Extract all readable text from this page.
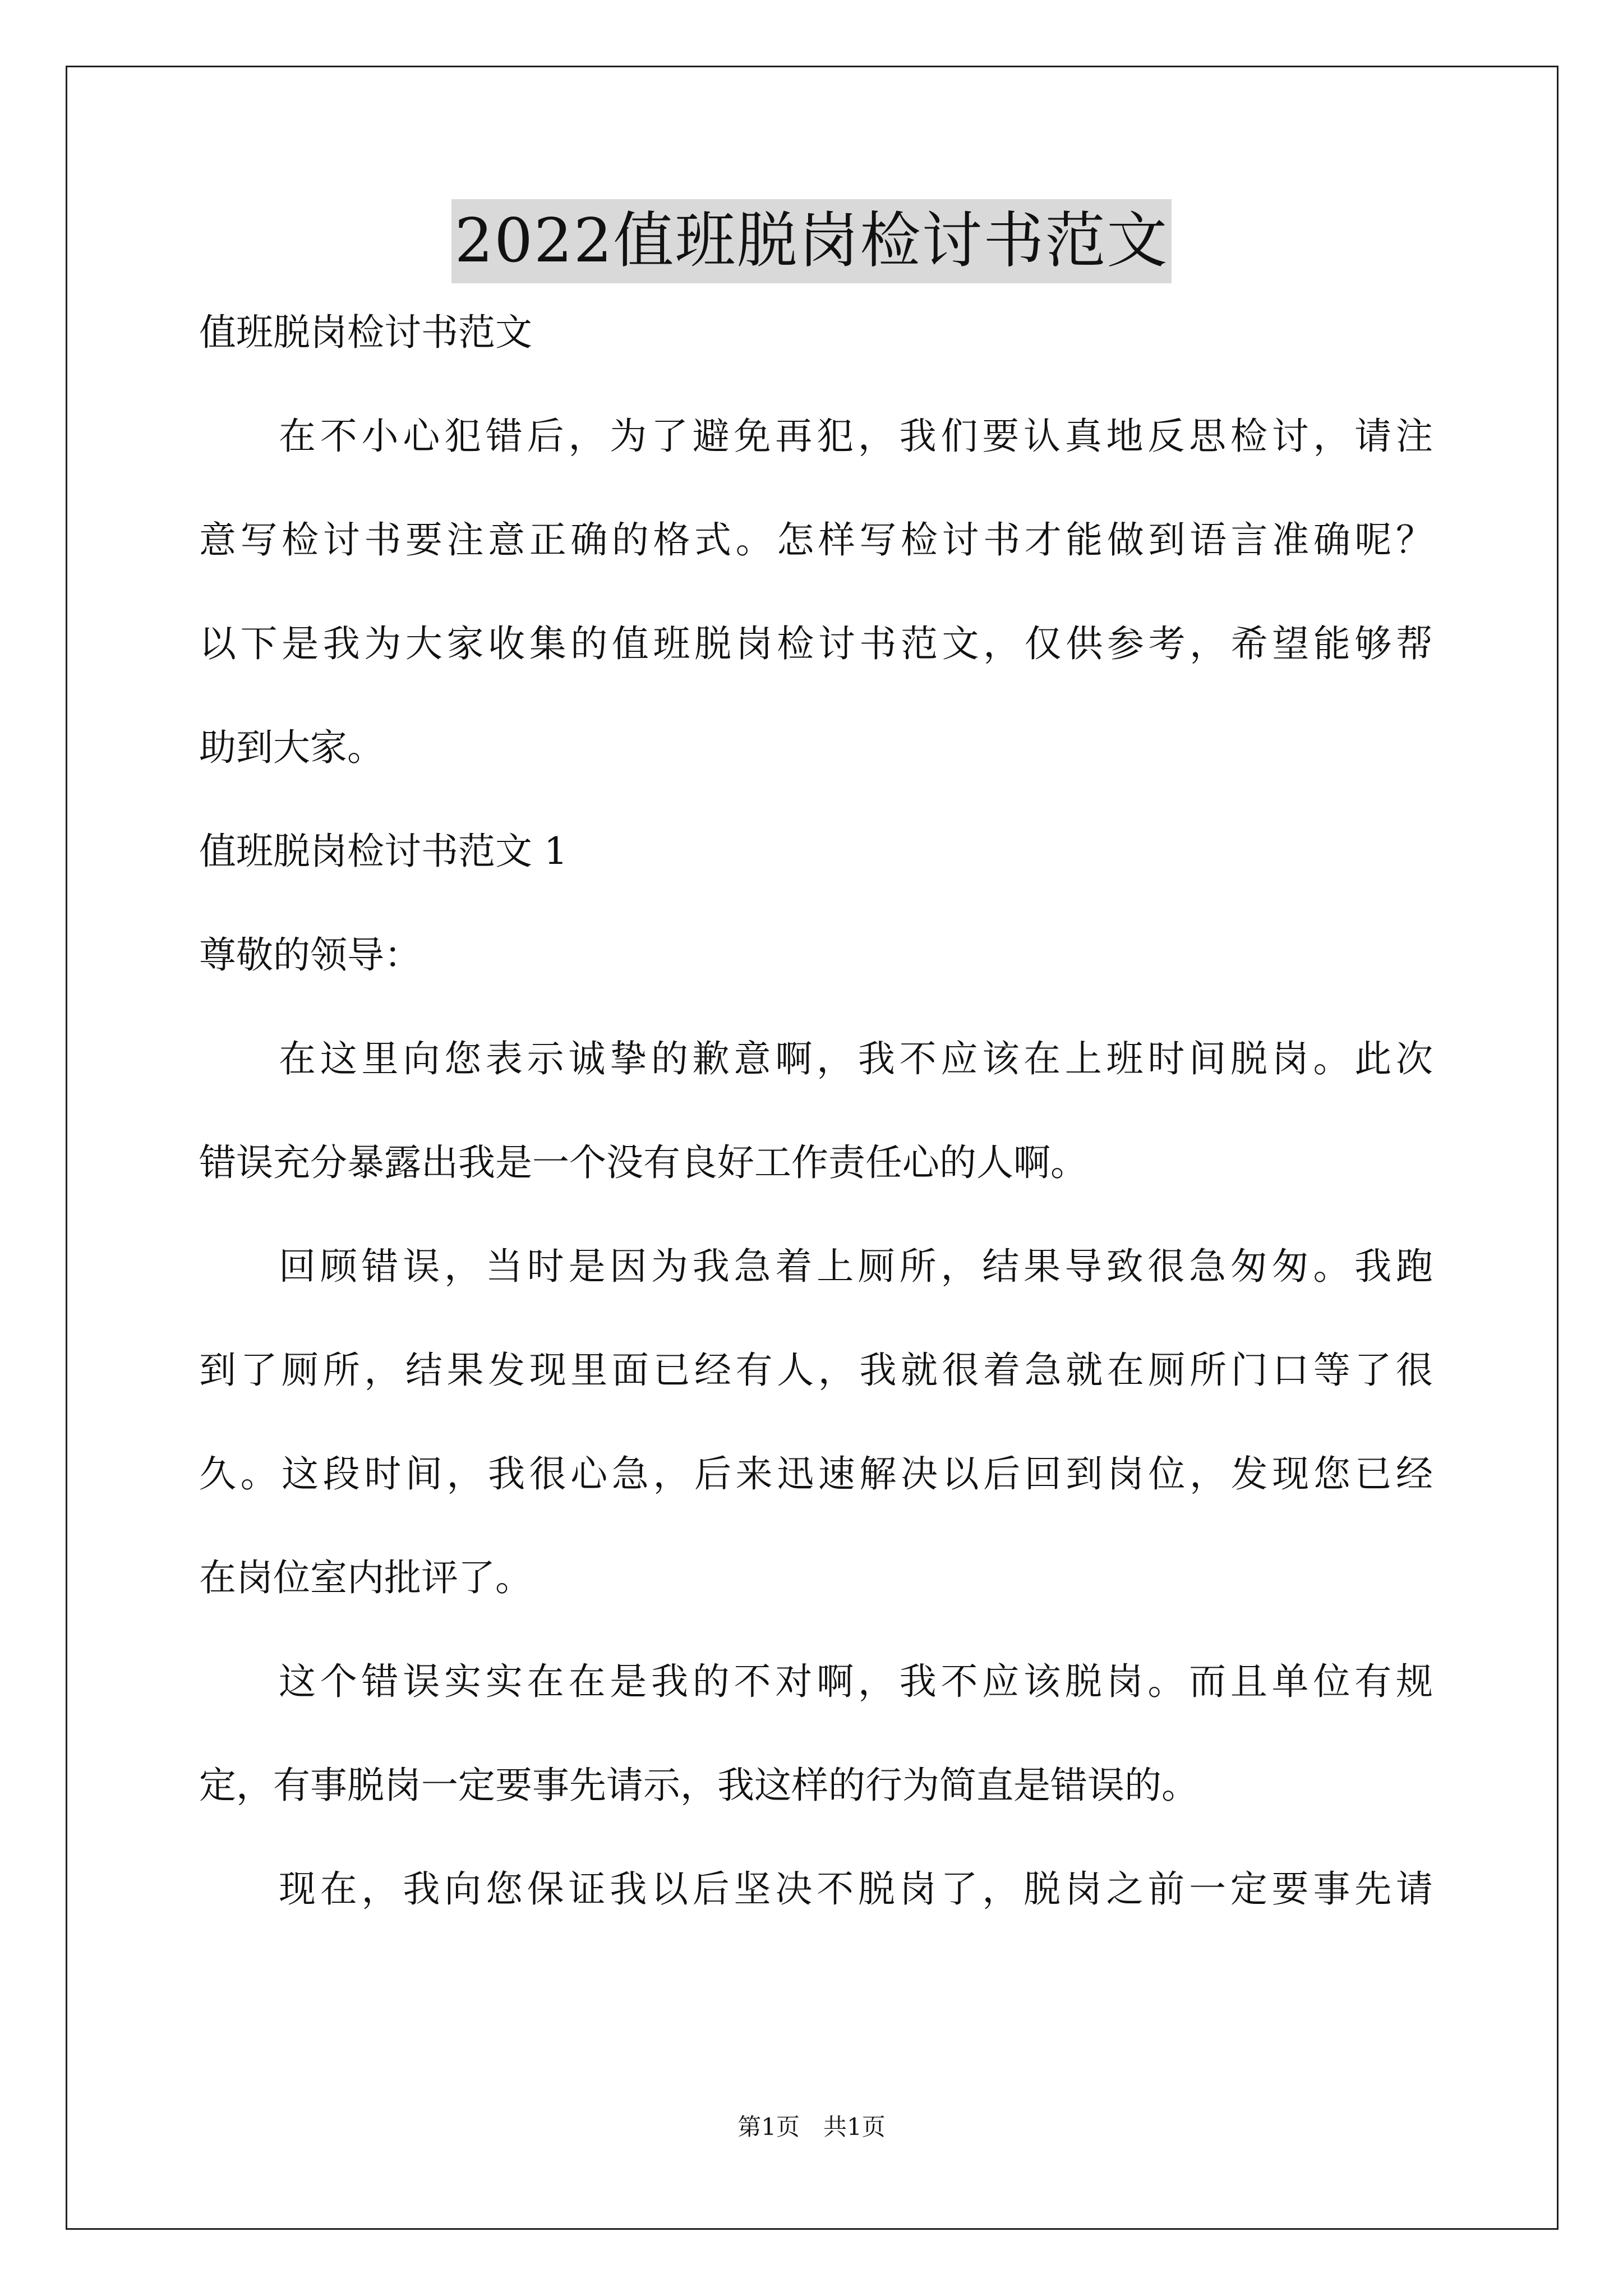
2022值班脱岗检讨书范文
值班脱岗检讨书范文
在不小心犯错后，为了避免再犯，我们要认真地反思检讨，请注
意写检讨书要注意正确的格式。怎样写检讨书才能做到语言准确呢？
以下是我为大家收集的值班脱岗检讨书范文，仅供参考，希望能够帮
助到大家。
值班脱岗检讨书范文 1
尊敬的领导：
在这里向您表示诚挚的歉意啊，我不应该在上班时间脱岗。此次
错误充分暴露出我是一个没有良好工作责任心的人啊。
回顾错误，当时是因为我急着上厕所，结果导致很急匆匆。我跑
到了厕所，结果发现里面已经有人，我就很着急就在厕所门口等了很
久。这段时间，我很心急，后来迅速解决以后回到岗位，发现您已经
在岗位室内批评了。
这个错误实实在在是我的不对啊，我不应该脱岗。而且单位有规
定，有事脱岗一定要事先请示，我这样的行为简直是错误的。
现在，我向您保证我以后坚决不脱岗了，脱岗之前一定要事先请
第1页　共1页
